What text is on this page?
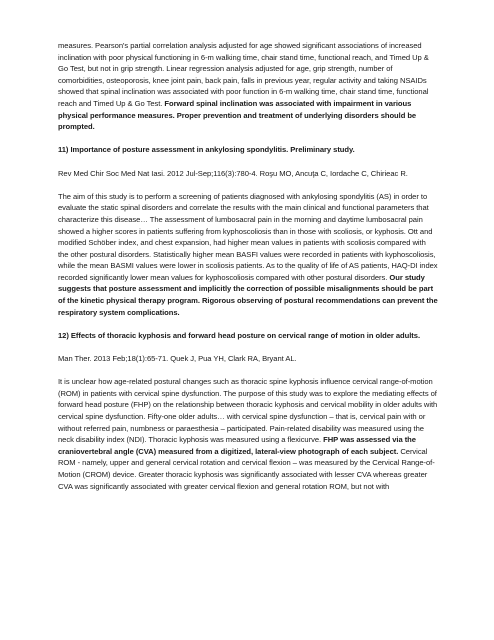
measures. Pearson's partial correlation analysis adjusted for age showed significant associations of increased inclination with poor physical functioning in 6-m walking time, chair stand time, functional reach, and Timed Up & Go Test, but not in grip strength. Linear regression analysis adjusted for age, grip strength, number of comorbidities, osteoporosis, knee joint pain, back pain, falls in previous year, regular activity and taking NSAIDs showed that spinal inclination was associated with poor function in 6-m walking time, chair stand time, functional reach and Timed Up & Go Test. Forward spinal inclination was associated with impairment in various physical performance measures. Proper prevention and treatment of underlying disorders should be prompted.

11) Importance of posture assessment in ankylosing spondylitis. Preliminary study.

Rev Med Chir Soc Med Nat Iasi. 2012 Jul-Sep;116(3):780-4. Roşu MO, Ancuţa C, Iordache C, Chirieac R.

The aim of this study is to perform a screening of patients diagnosed with ankylosing spondylitis (AS) in order to evaluate the static spinal disorders and correlate the results with the main clinical and functional parameters that characterize this disease… The assessment of lumbosacral pain in the morning and daytime lumbosacral pain showed a higher scores in patients suffering from kyphoscoliosis than in those with scoliosis, or kyphosis. Ott and modified Schöber index, and chest expansion, had higher mean values in patients with scoliosis compared with the other postural disorders. Statistically higher mean BASFI values were recorded in patients with kyphoscoliosis, while the mean BASMI values were lower in scoliosis patients. As to the quality of life of AS patients, HAQ-DI index recorded significantly lower mean values for kyphoscoliosis compared with other postural disorders. Our study suggests that posture assessment and implicitly the correction of possible misalignments should be part of the kinetic physical therapy program. Rigorous observing of postural recommendations can prevent the respiratory system complications.

12) Effects of thoracic kyphosis and forward head posture on cervical range of motion in older adults.

Man Ther. 2013 Feb;18(1):65-71. Quek J, Pua YH, Clark RA, Bryant AL.

It is unclear how age-related postural changes such as thoracic spine kyphosis influence cervical range-of-motion (ROM) in patients with cervical spine dysfunction. The purpose of this study was to explore the mediating effects of forward head posture (FHP) on the relationship between thoracic kyphosis and cervical mobility in older adults with cervical spine dysfunction. Fifty-one older adults… with cervical spine dysfunction – that is, cervical pain with or without referred pain, numbness or paraesthesia – participated. Pain-related disability was measured using the neck disability index (NDI). Thoracic kyphosis was measured using a flexicurve. FHP was assessed via the craniovertebral angle (CVA) measured from a digitized, lateral-view photograph of each subject. Cervical ROM - namely, upper and general cervical rotation and cervical flexion – was measured by the Cervical Range-of-Motion (CROM) device. Greater thoracic kyphosis was significantly associated with lesser CVA whereas greater CVA was significantly associated with greater cervical flexion and general rotation ROM, but not with
